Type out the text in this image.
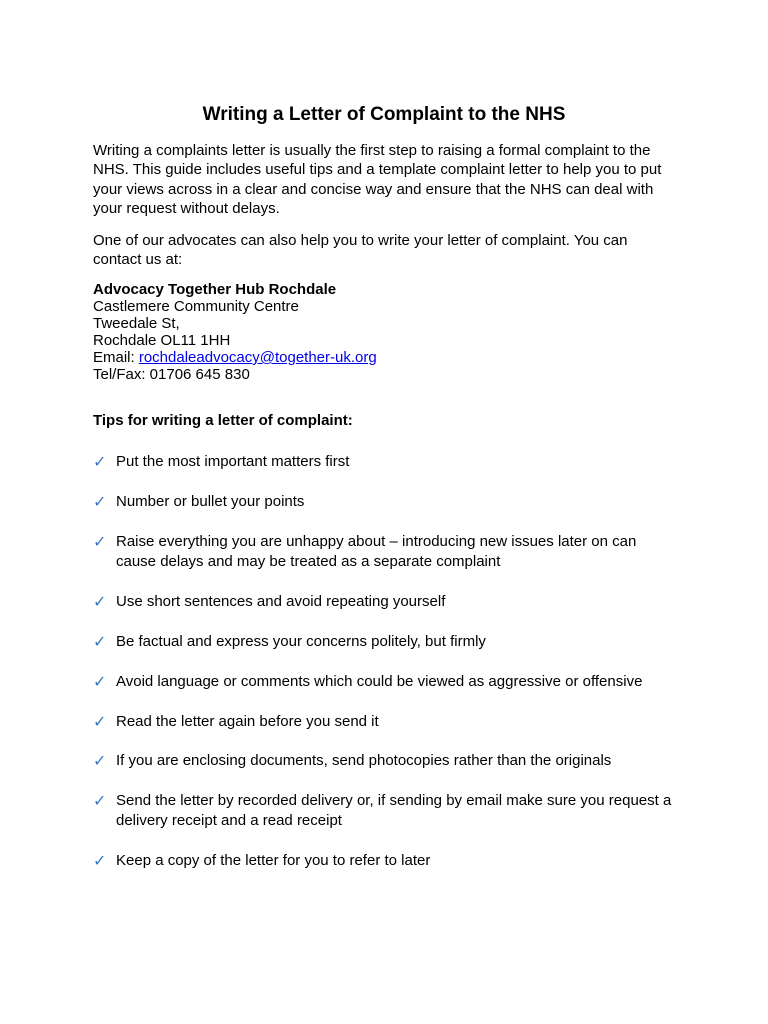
Writing a Letter of Complaint to the NHS

Writing a complaints letter is usually the first step to raising a formal complaint to the NHS. This guide includes useful tips and a template complaint letter to help you to put your views across in a clear and concise way and ensure that the NHS can deal with your request without delays.

One of our advocates can also help you to write your letter of complaint. You can contact us at:

Advocacy Together Hub Rochdale
Castlemere Community Centre
Tweedale St,
Rochdale OL11 1HH
Email: rochdaleadvocacy@together-uk.org
Tel/Fax: 01706 645 830
Tips for writing a letter of complaint:
✓ Put the most important matters first
✓ Number or bullet your points
✓ Raise everything you are unhappy about – introducing new issues later on can cause delays and may be treated as a separate complaint
✓ Use short sentences and avoid repeating yourself
✓ Be factual and express your concerns politely, but firmly
✓ Avoid language or comments which could be viewed as aggressive or offensive
✓ Read the letter again before you send it
✓ If you are enclosing documents, send photocopies rather than the originals
✓ Send the letter by recorded delivery or, if sending by email make sure you request a delivery receipt and a read receipt
✓ Keep a copy of the letter for you to refer to later
